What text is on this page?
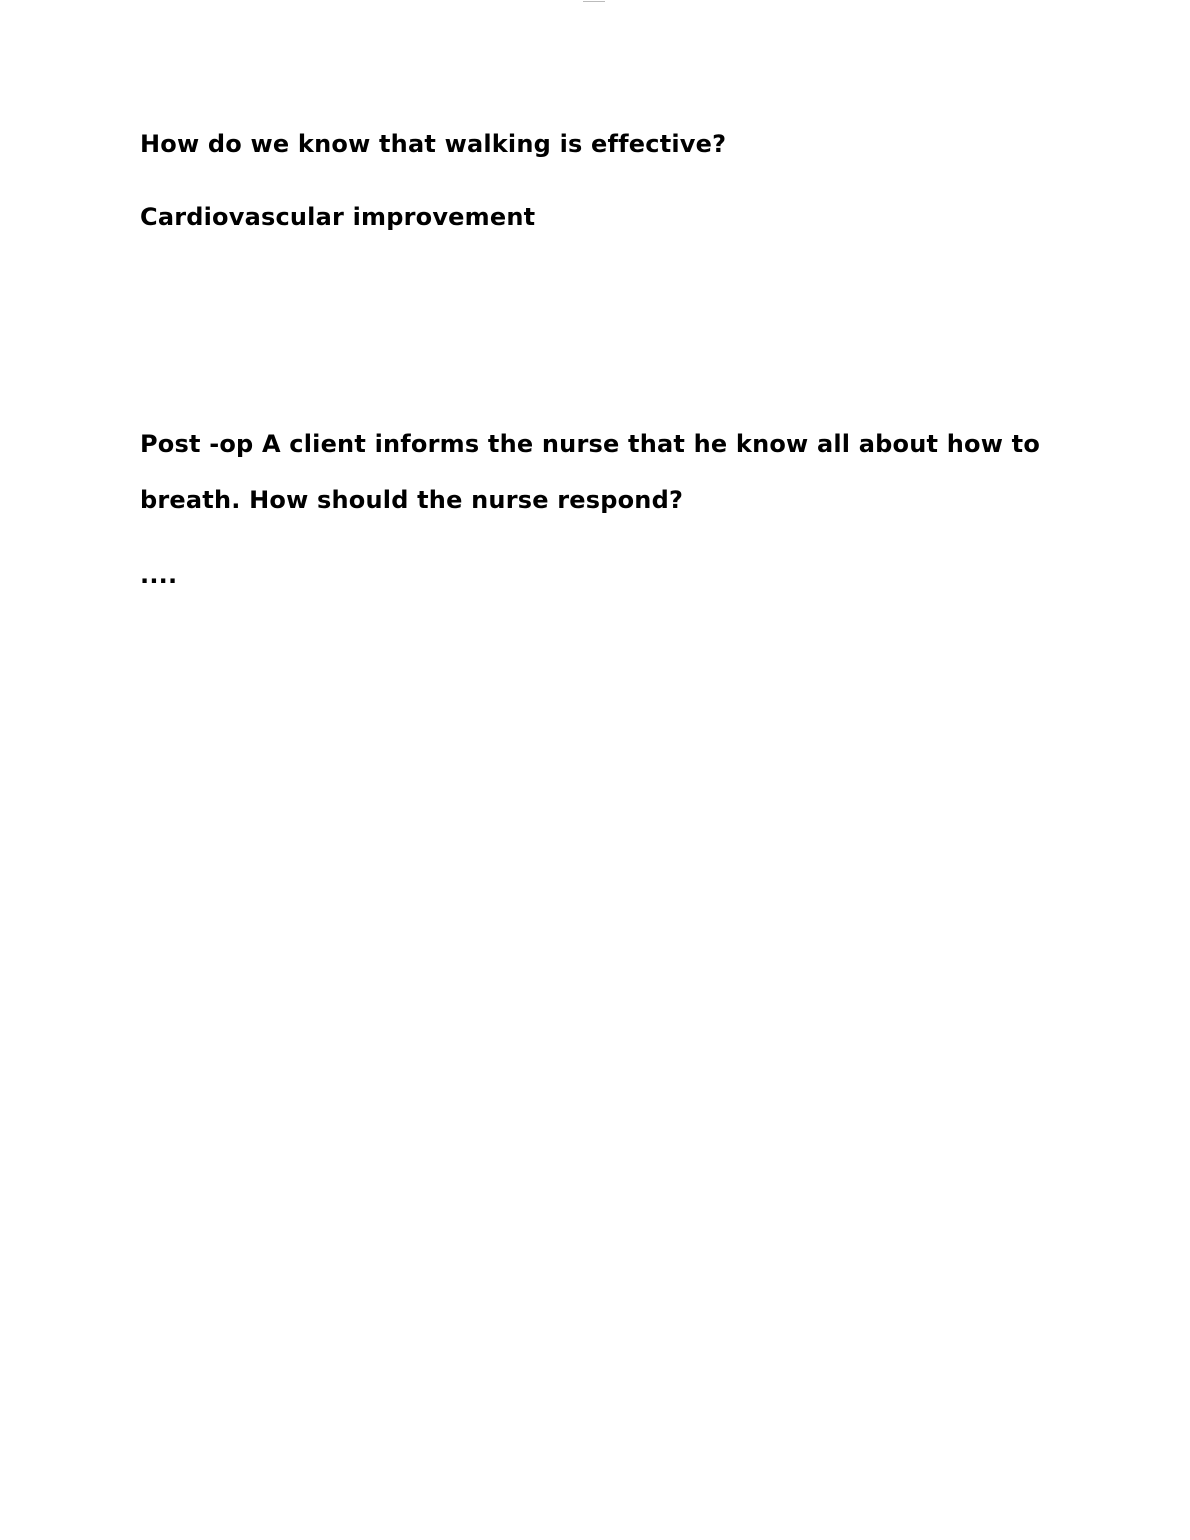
How do we know that walking is effective?
Cardiovascular improvement
Post -op A client informs the nurse that he know all about how to
breath. How should the nurse respond?
....
